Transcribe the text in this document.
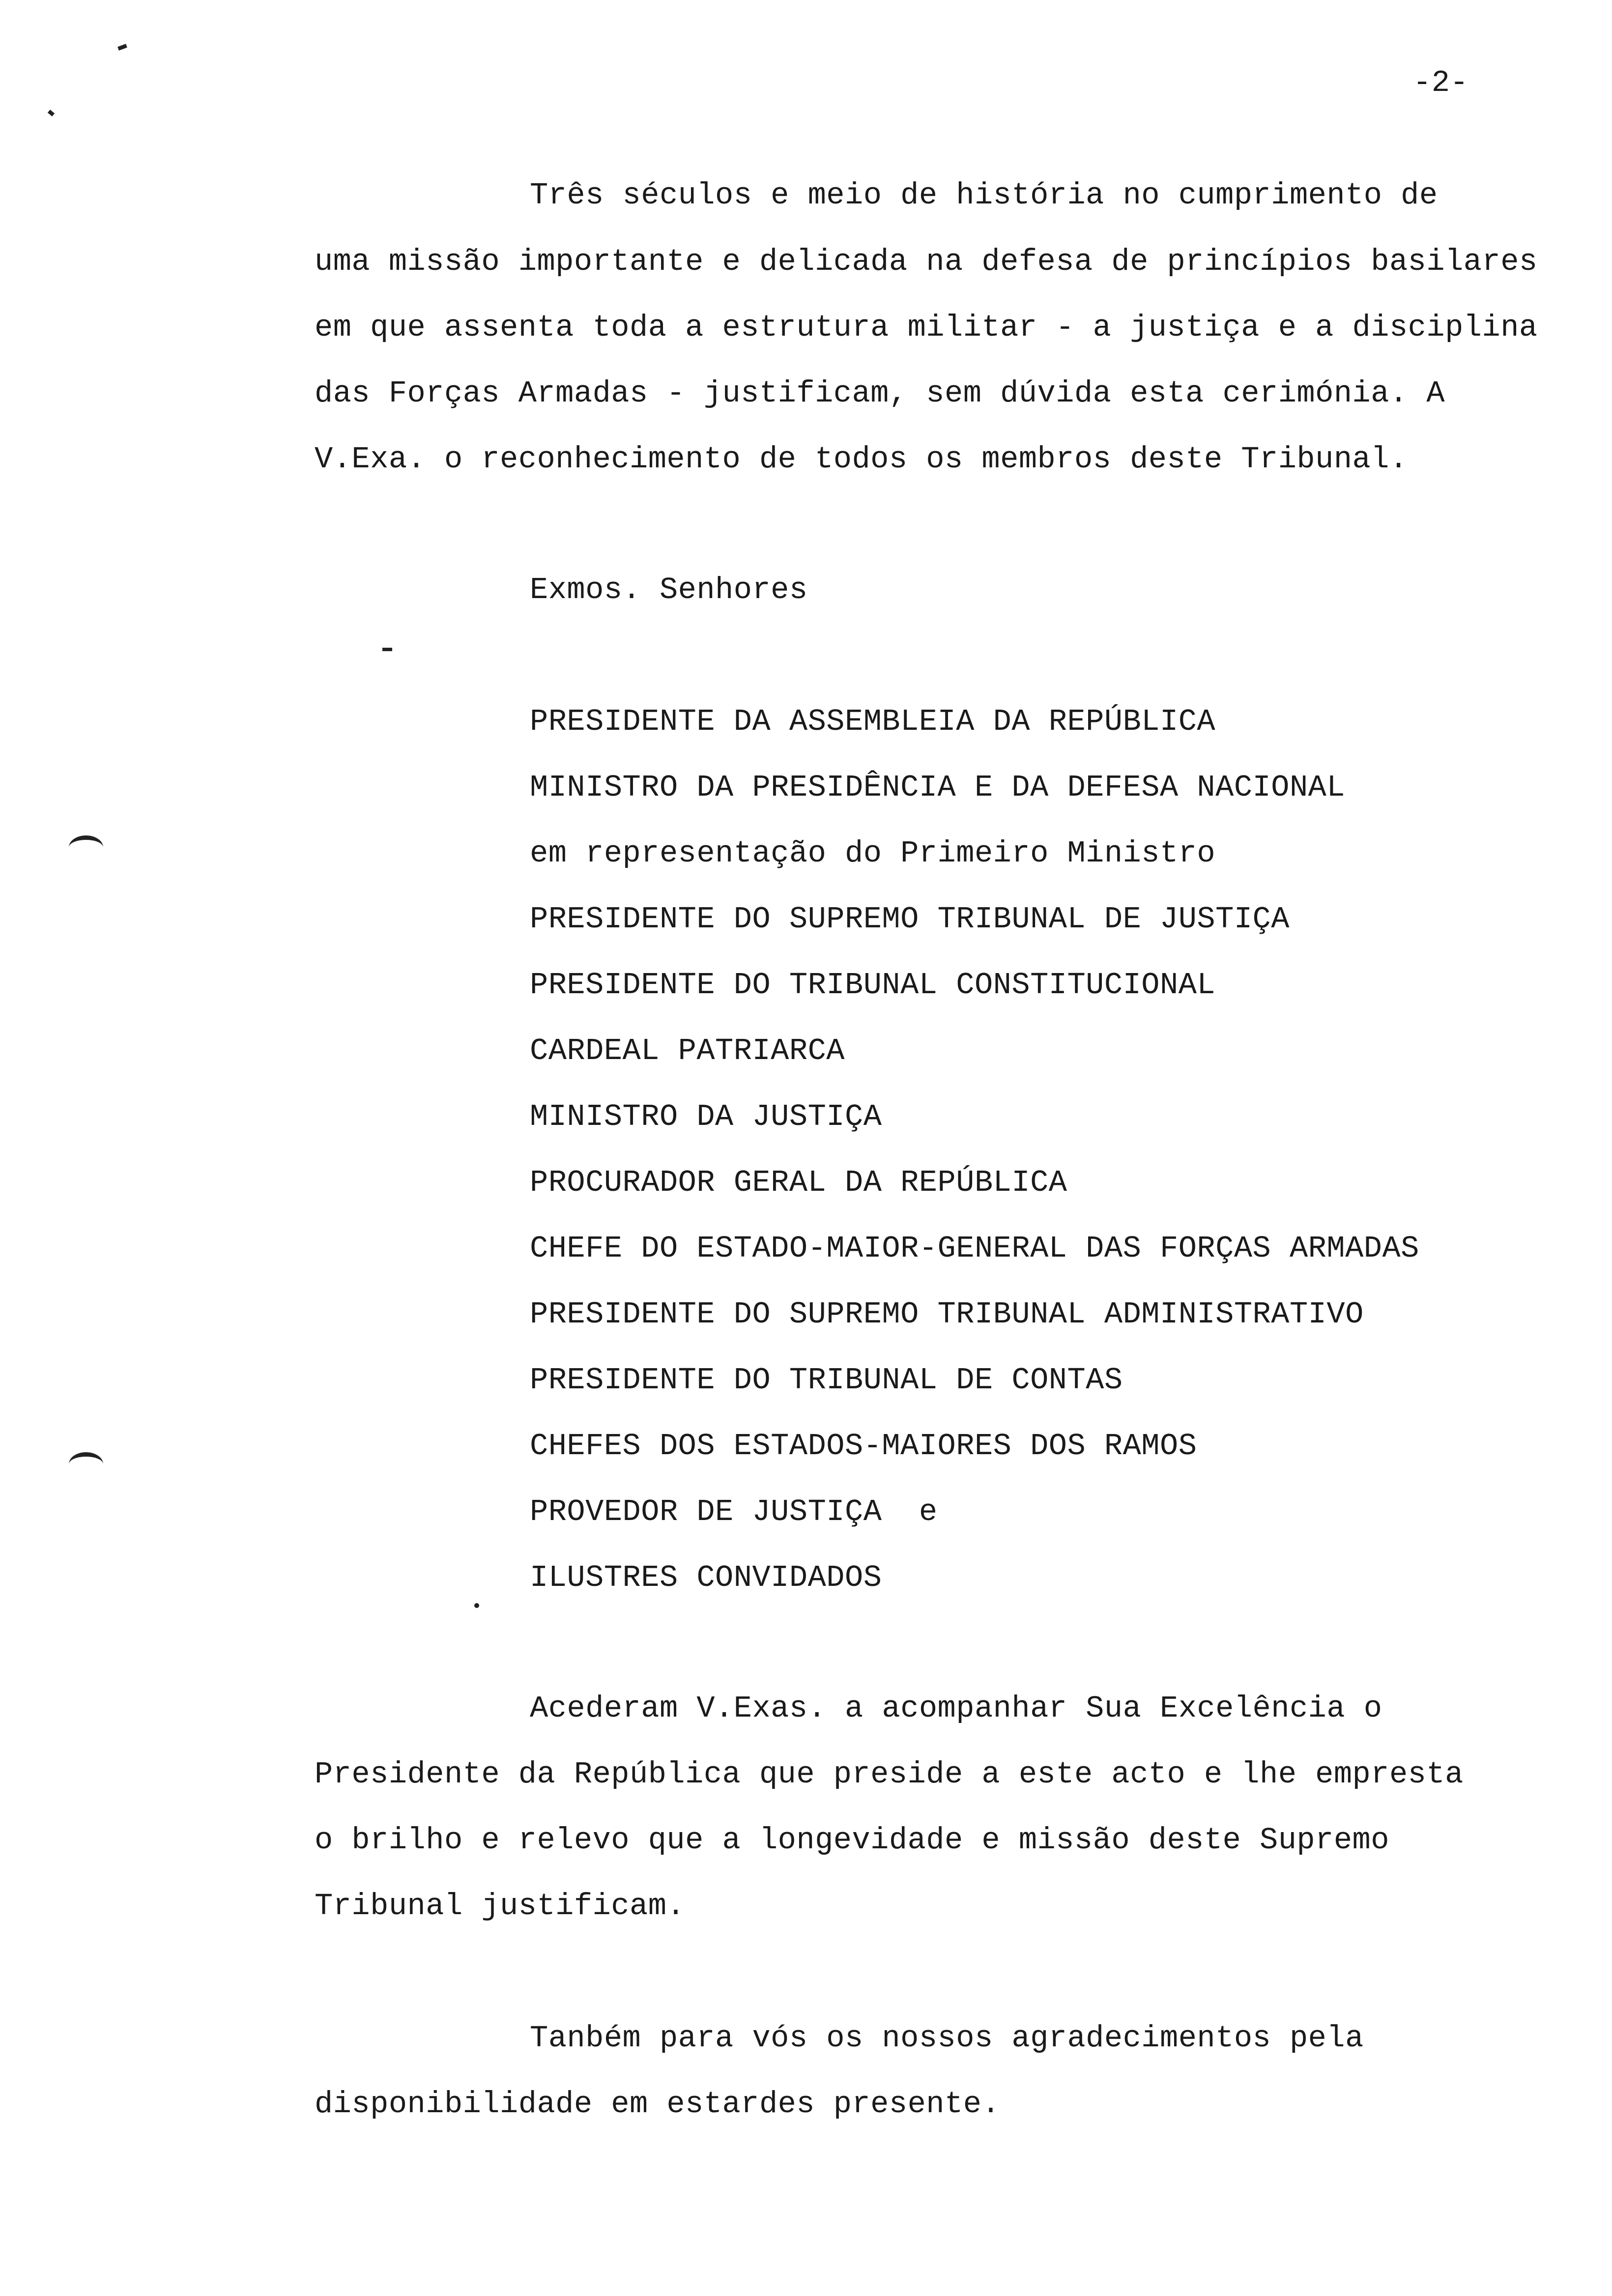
-2-
Três séculos e meio de história no cumprimento de
uma missão importante e delicada na defesa de princípios basilares
em que assenta toda a estrutura militar - a justiça e a disciplina
das Forças Armadas - justificam, sem dúvida esta cerimónia. A
V.Exa. o reconhecimento de todos os membros deste Tribunal.
Exmos. Senhores
PRESIDENTE DA ASSEMBLEIA DA REPÚBLICA
MINISTRO DA PRESIDÊNCIA E DA DEFESA NACIONAL
em representação do Primeiro Ministro
PRESIDENTE DO SUPREMO TRIBUNAL DE JUSTIÇA
PRESIDENTE DO TRIBUNAL CONSTITUCIONAL
CARDEAL PATRIARCA
MINISTRO DA JUSTIÇA
PROCURADOR GERAL DA REPÚBLICA
CHEFE DO ESTADO-MAIOR-GENERAL DAS FORÇAS ARMADAS
PRESIDENTE DO SUPREMO TRIBUNAL ADMINISTRATIVO
PRESIDENTE DO TRIBUNAL DE CONTAS
CHEFES DOS ESTADOS-MAIORES DOS RAMOS
PROVEDOR DE JUSTIÇA  e
ILUSTRES CONVIDADOS
Acederam V.Exas. a acompanhar Sua Excelência o
Presidente da República que preside a este acto e lhe empresta
o brilho e relevo que a longevidade e missão deste Supremo
Tribunal justificam.
Tanbém para vós os nossos agradecimentos pela
disponibilidade em estardes presente.
